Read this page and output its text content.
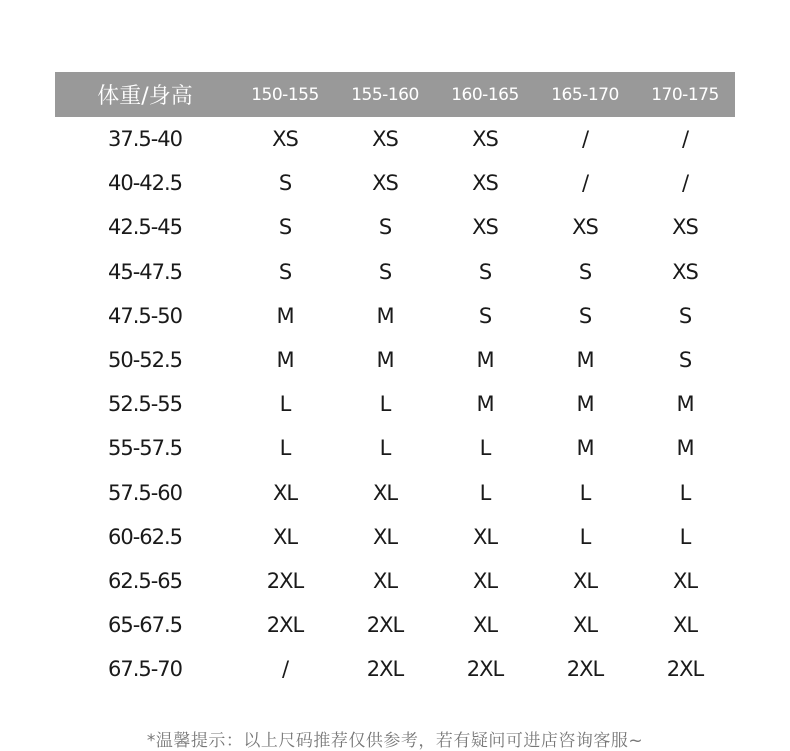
体重/身高	150-155	155-160	160-165	165-170	170-175
37.5-40	XS	XS	XS	/	/
40-42.5	S	XS	XS	/	/
42.5-45	S	S	XS	XS	XS
45-47.5	S	S	S	S	XS
47.5-50	M	M	S	S	S
50-52.5	M	M	M	M	S
52.5-55	L	L	M	M	M
55-57.5	L	L	L	M	M
57.5-60	XL	XL	L	L	L
60-62.5	XL	XL	XL	L	L
62.5-65	2XL	XL	XL	XL	XL
65-67.5	2XL	2XL	XL	XL	XL
67.5-70	/	2XL	2XL	2XL	2XL
*温馨提示：以上尺码推荐仅供参考，若有疑问可进店咨询客服~
